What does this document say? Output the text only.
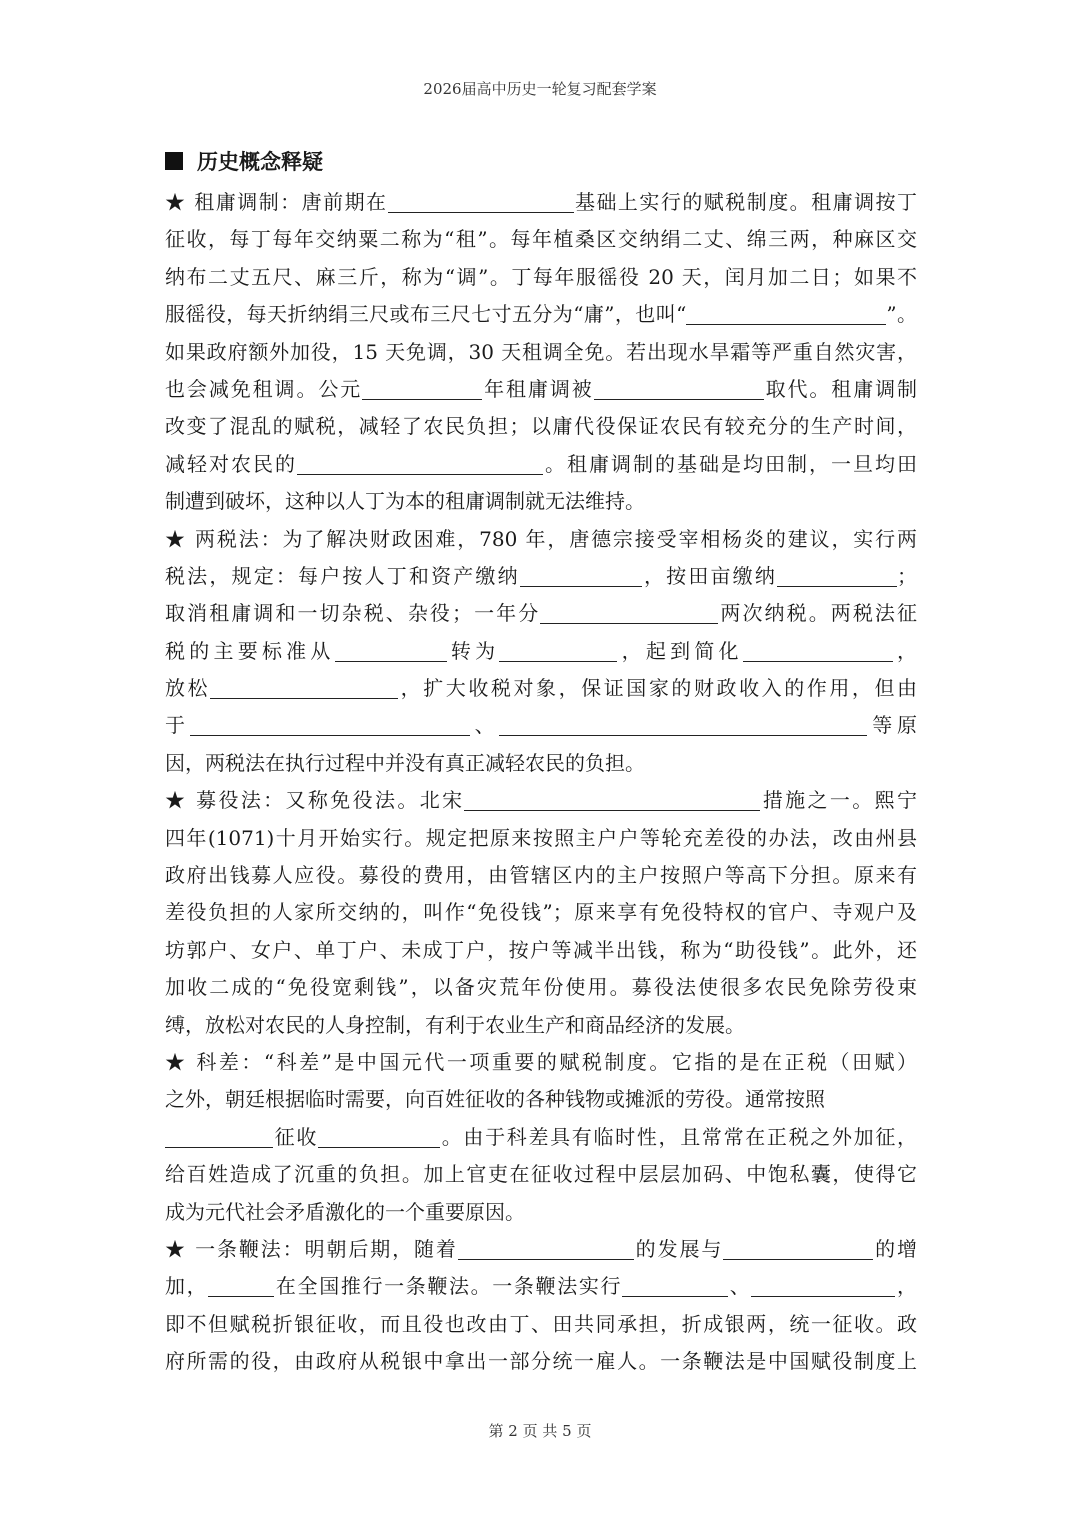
2026届高中历史一轮复习配套学案
历史概念释疑
★ 租庸调制：唐前期在	基础上实行的赋税制度。租庸调按丁
征收，每丁每年交纳粟二称为“租”。每年植桑区交纳绢二丈、绵三两，种麻区交
纳布二丈五尺、麻三斤，称为“调”。丁每年服徭役 20 天，闰月加二日；如果不
服徭役，每天折纳绢三尺或布三尺七寸五分为“庸”，也叫“	”。
如果政府额外加役，15 天免调，30 天租调全免。若出现水旱霜等严重自然灾害，
也会减免租调。公元	年租庸调被	取代。租庸调制
改变了混乱的赋税，减轻了农民负担；以庸代役保证农民有较充分的生产时间，
减轻对农民的	。租庸调制的基础是均田制，一旦均田
制遭到破坏，这种以人丁为本的租庸调制就无法维持。
★ 两税法：为了解决财政困难，780 年，唐德宗接受宰相杨炎的建议，实行两
税法，规定：每户按人丁和资产缴纳	，按田亩缴纳	；
取消租庸调和一切杂税、杂役；一年分	两次纳税。两税法征
税的主要标准从	转为	，起到简化	，
放松	，扩大收税对象，保证国家的财政收入的作用，但由
于	、	等原
因，两税法在执行过程中并没有真正减轻农民的负担。
★ 募役法：又称免役法。北宋	措施之一。熙宁
四年(1071)十月开始实行。规定把原来按照主户户等轮充差役的办法，改由州县
政府出钱募人应役。募役的费用，由管辖区内的主户按照户等高下分担。原来有
差役负担的人家所交纳的，叫作“免役钱”；原来享有免役特权的官户、寺观户及
坊郭户、女户、单丁户、未成丁户，按户等减半出钱，称为“助役钱”。此外，还
加收二成的“免役宽剩钱”，以备灾荒年份使用。募役法使很多农民免除劳役束
缚，放松对农民的人身控制，有利于农业生产和商品经济的发展。
★ 科差：“科差”是中国元代一项重要的赋税制度。它指的是在正税（田赋）
之外，朝廷根据临时需要，向百姓征收的各种钱物或摊派的劳役。通常按照
征收	。由于科差具有临时性，且常常在正税之外加征，
给百姓造成了沉重的负担。加上官吏在征收过程中层层加码、中饱私囊，使得它
成为元代社会矛盾激化的一个重要原因。
★ 一条鞭法：明朝后期，随着	的发展与	的增
加，	在全国推行一条鞭法。一条鞭法实行	、	，
即不但赋税折银征收，而且役也改由丁、田共同承担，折成银两，统一征收。政
府所需的役，由政府从税银中拿出一部分统一雇人。一条鞭法是中国赋役制度上
第 2 页 共 5 页
